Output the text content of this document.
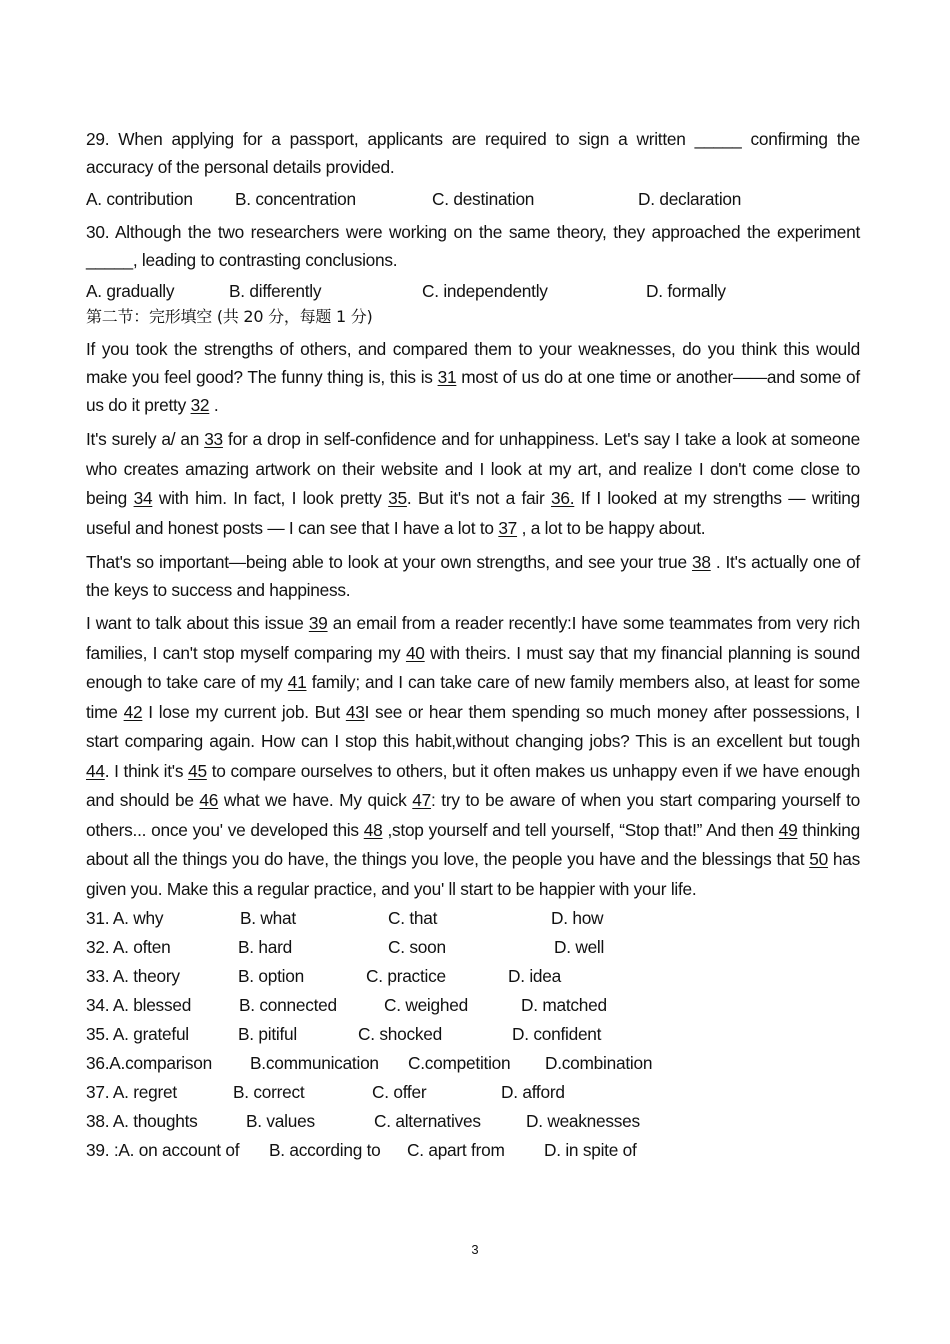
29. When applying for a passport, applicants are required to sign a written _____ confirming the accuracy of the personal details provided.

A. contribution	B. concentration	C. destination	D. declaration

30. Although the two researchers were working on the same theory, they approached the experiment _____, leading to contrasting conclusions.

A. gradually	B. differently	C. independently	D. formally

第二节：完形填空 (共 20 分，每题 1 分)

If you took the strengths of others, and compared them to your weaknesses, do you think this would make you feel good? The funny thing is, this is 31 most of us do at one time or another——and some of us do it pretty 32 .

It's surely a/ an 33 for a drop in self-confidence and for unhappiness. Let's say I take a look at someone who creates amazing artwork on their website and I look at my art, and realize I don't come close to being 34 with him. In fact, I look pretty 35. But it's not a fair 36. If I looked at my strengths — writing useful and honest posts — I can see that I have a lot to 37 , a lot to be happy about.

That's so important—being able to look at your own strengths, and see your true 38 . It's actually one of the keys to success and happiness.

I want to talk about this issue 39 an email from a reader recently:I have some teammates from very rich families, I can't stop myself comparing my 40 with theirs. I must say that my financial planning is sound enough to take care of my 41 family; and I can take care of new family members also, at least for some time 42 I lose my current job. But 43I see or hear them spending so much money after possessions, I start comparing again. How can I stop this habit,without changing jobs? This is an excellent but tough 44. I think it's 45 to compare ourselves to others, but it often makes us unhappy even if we have enough and should be 46 what we have. My quick 47: try to be aware of when you start comparing yourself to others... once you' ve developed this 48 ,stop yourself and tell yourself, “Stop that!” And then 49 thinking about all the things you do have, the things you love, the people you have and the blessings that 50 has given you. Make this a regular practice, and you' ll start to be happier with your life.

31. A. why	B. what	C. that	D. how
32. A. often	B. hard	C. soon	D. well
33. A. theory	B. option	C. practice	D. idea
34. A. blessed	B. connected	C. weighed	D. matched
35. A. grateful	B. pitiful	C. shocked	D. confident
36.A.comparison	B.communication	C.competition	D.combination
37. A. regret	B. correct	C. offer	D. afford
38. A. thoughts	B. values	C. alternatives	D. weaknesses
39. :A. on account of	B. according to	C. apart from	D. in spite of
3
